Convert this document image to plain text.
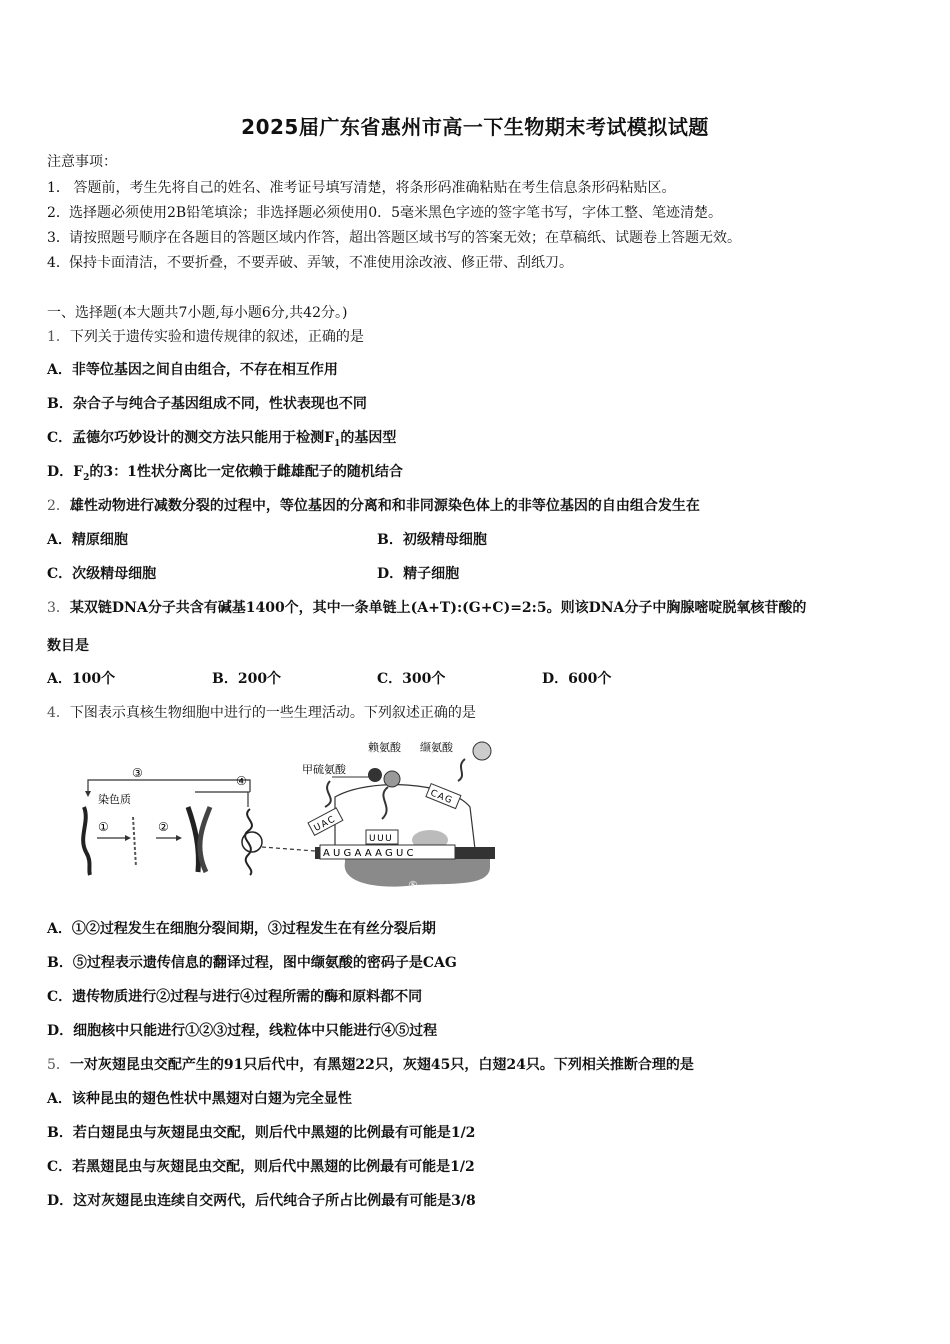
2025届广东省惠州市高一下生物期末考试模拟试题
注意事项：
1． 答题前，考生先将自己的姓名、准考证号填写清楚，将条形码准确粘贴在考生信息条形码粘贴区。
2．选择题必须使用2B铅笔填涂；非选择题必须使用0．5毫米黑色字迹的签字笔书写，字体工整、笔迹清楚。
3．请按照题号顺序在各题目的答题区域内作答，超出答题区域书写的答案无效；在草稿纸、试题卷上答题无效。
4．保持卡面清洁，不要折叠，不要弄破、弄皱，不准使用涂改液、修正带、刮纸刀。
一、选择题(本大题共7小题,每小题6分,共42分。)
1．下列关于遗传实验和遗传规律的叙述，正确的是
A．非等位基因之间自由组合，不存在相互作用
B．杂合子与纯合子基因组成不同，性状表现也不同
C．孟德尔巧妙设计的测交方法只能用于检测$F_1$的基因型
D．$F_2$的3：1性状分离比一定依赖于雌雄配子的随机结合
2．雄性动物进行减数分裂的过程中，等位基因的分离和和非同源染色体上的非等位基因的自由组合发生在
A．精原细胞	B．初级精母细胞
C．次级精母细胞	D．精子细胞
3．某双链DNA分子共含有碱基1400个，其中一条单链上(A+T):(G+C)=2:5。则该DNA分子中胸腺嘧啶脱氧核苷酸的
数目是
A．100个	B．200个	C．300个	D．600个
4．下图表示真核生物细胞中进行的一些生理活动。下列叙述正确的是
③
④
染色质
①	②
AUGAAAGUC
⑤
甲硫氨酸
UAC
赖氨酸
UUU
缬氨酸
CAG
A．①②过程发生在细胞分裂间期，③过程发生在有丝分裂后期
B．⑤过程表示遗传信息的翻译过程，图中缬氨酸的密码子是CAG
C．遗传物质进行②过程与进行④过程所需的酶和原料都不同
D．细胞核中只能进行①②③过程，线粒体中只能进行④⑤过程
5．一对灰翅昆虫交配产生的91只后代中，有黑翅22只，灰翅45只，白翅24只。下列相关推断合理的是
A．该种昆虫的翅色性状中黑翅对白翅为完全显性
B．若白翅昆虫与灰翅昆虫交配，则后代中黑翅的比例最有可能是1/2
C．若黑翅昆虫与灰翅昆虫交配，则后代中黑翅的比例最有可能是1/2
D．这对灰翅昆虫连续自交两代，后代纯合子所占比例最有可能是3/8
